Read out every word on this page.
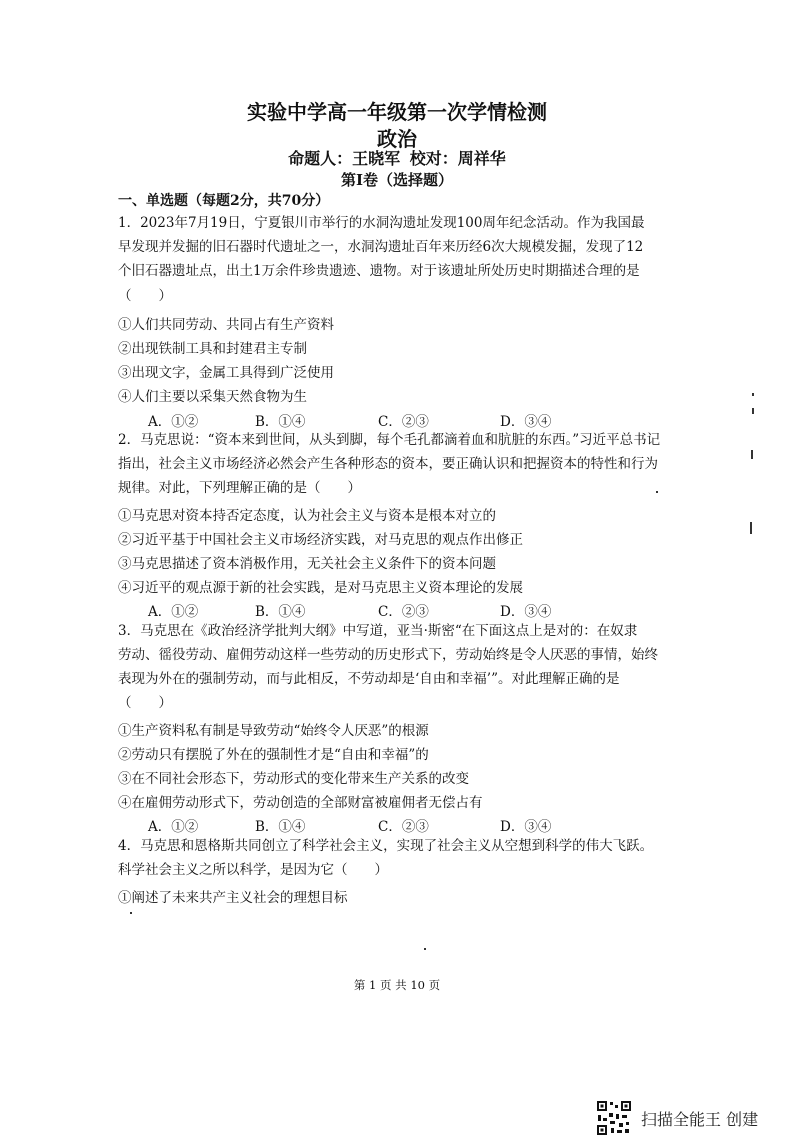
实验中学高一年级第一次学情检测
政治
命题人：王晓军 校对：周祥华
第Ⅰ卷（选择题）
一、单选题（每题2分，共70分）
1．2023年7月19日，宁夏银川市举行的水洞沟遗址发现100周年纪念活动。作为我国最
早发现并发掘的旧石器时代遗址之一，水洞沟遗址百年来历经6次大规模发掘，发现了12
个旧石器遗址点，出土1万余件珍贵遗迹、遗物。对于该遗址所处历史时期描述合理的是
（　　）
①人们共同劳动、共同占有生产资料
②出现铁制工具和封建君主专制
③出现文字，金属工具得到广泛使用
④人们主要以采集天然食物为生
A．①②	B．①④	C．②③	D．③④
2．马克思说：“资本来到世间，从头到脚，每个毛孔都滴着血和肮脏的东西。”习近平总书记
指出，社会主义市场经济必然会产生各种形态的资本，要正确认识和把握资本的特性和行为
规律。对此，下列理解正确的是（　　）
①马克思对资本持否定态度，认为社会主义与资本是根本对立的
②习近平基于中国社会主义市场经济实践，对马克思的观点作出修正
③马克思描述了资本消极作用，无关社会主义条件下的资本问题
④习近平的观点源于新的社会实践，是对马克思主义资本理论的发展
A．①②	B．①④	C．②③	D．③④
3．马克思在《政治经济学批判大纲》中写道，亚当·斯密“在下面这点上是对的：在奴隶
劳动、徭役劳动、雇佣劳动这样一些劳动的历史形式下，劳动始终是令人厌恶的事情，始终
表现为外在的强制劳动，而与此相反，不劳动却是‘自由和幸福’”。对此理解正确的是
（　　）
①生产资料私有制是导致劳动“始终令人厌恶”的根源
②劳动只有摆脱了外在的强制性才是“自由和幸福”的
③在不同社会形态下，劳动形式的变化带来生产关系的改变
④在雇佣劳动形式下，劳动创造的全部财富被雇佣者无偿占有
A．①②	B．①④	C．②③	D．③④
4．马克思和恩格斯共同创立了科学社会主义，实现了社会主义从空想到科学的伟大飞跃。
科学社会主义之所以科学，是因为它（　　）
①阐述了未来共产主义社会的理想目标
第 1 页 共 10 页
扫描全能王 创建
